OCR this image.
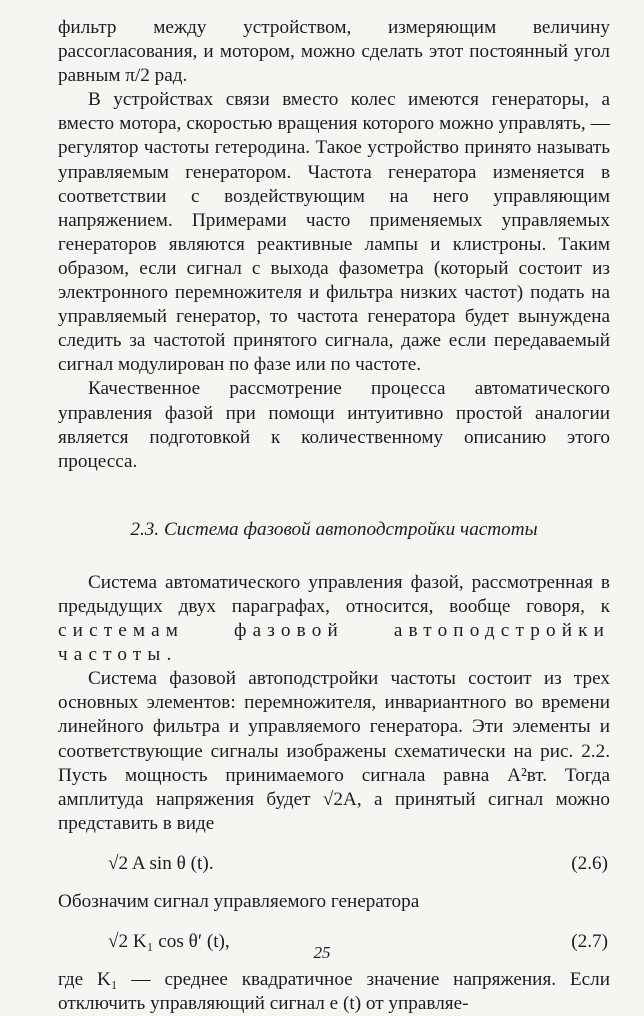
фильтр между устройством, измеряющим величину рассогласования, и мотором, можно сделать этот постоянный угол равным π/2 рад.

В устройствах связи вместо колес имеются генераторы, а вместо мотора, скоростью вращения которого можно управлять, —регулятор частоты гетеродина. Такое устройство принято называть управляемым генератором. Частота генератора изменяется в соответствии с воздействующим на него управляющим напряжением. Примерами часто применяемых управляемых генераторов являются реактивные лампы и клистроны. Таким образом, если сигнал с выхода фазометра (который состоит из электронного перемножителя и фильтра низких частот) подать на управляемый генератор, то частота генератора будет вынуждена следить за частотой принятого сигнала, даже если передаваемый сигнал модулирован по фазе или по частоте.

Качественное рассмотрение процесса автоматического управления фазой при помощи интуитивно простой аналогии является подготовкой к количественному описанию этого процесса.

2.3. Система фазовой автоподстройки частоты

Система автоматического управления фазой, рассмотренная в предыдущих двух параграфах, относится, вообще говоря, к системам фазовой автоподстройки частоты.

Система фазовой автоподстройки частоты состоит из трех основных элементов: перемножителя, инвариантного во времени линейного фильтра и управляемого генератора. Эти элементы и соответствующие сигналы изображены схематически на рис. 2.2. Пусть мощность принимаемого сигнала равна A²вт. Тогда амплитуда напряжения будет √2A, а принятый сигнал можно представить в виде

√2 A sin θ (t).	(2.6)

Обозначим сигнал управляемого генератора

√2 K₁ cos θ′ (t),	(2.7)

где K₁ — среднее квадратичное значение напряжения. Если отключить управляющий сигнал e (t) от управляе-

25
